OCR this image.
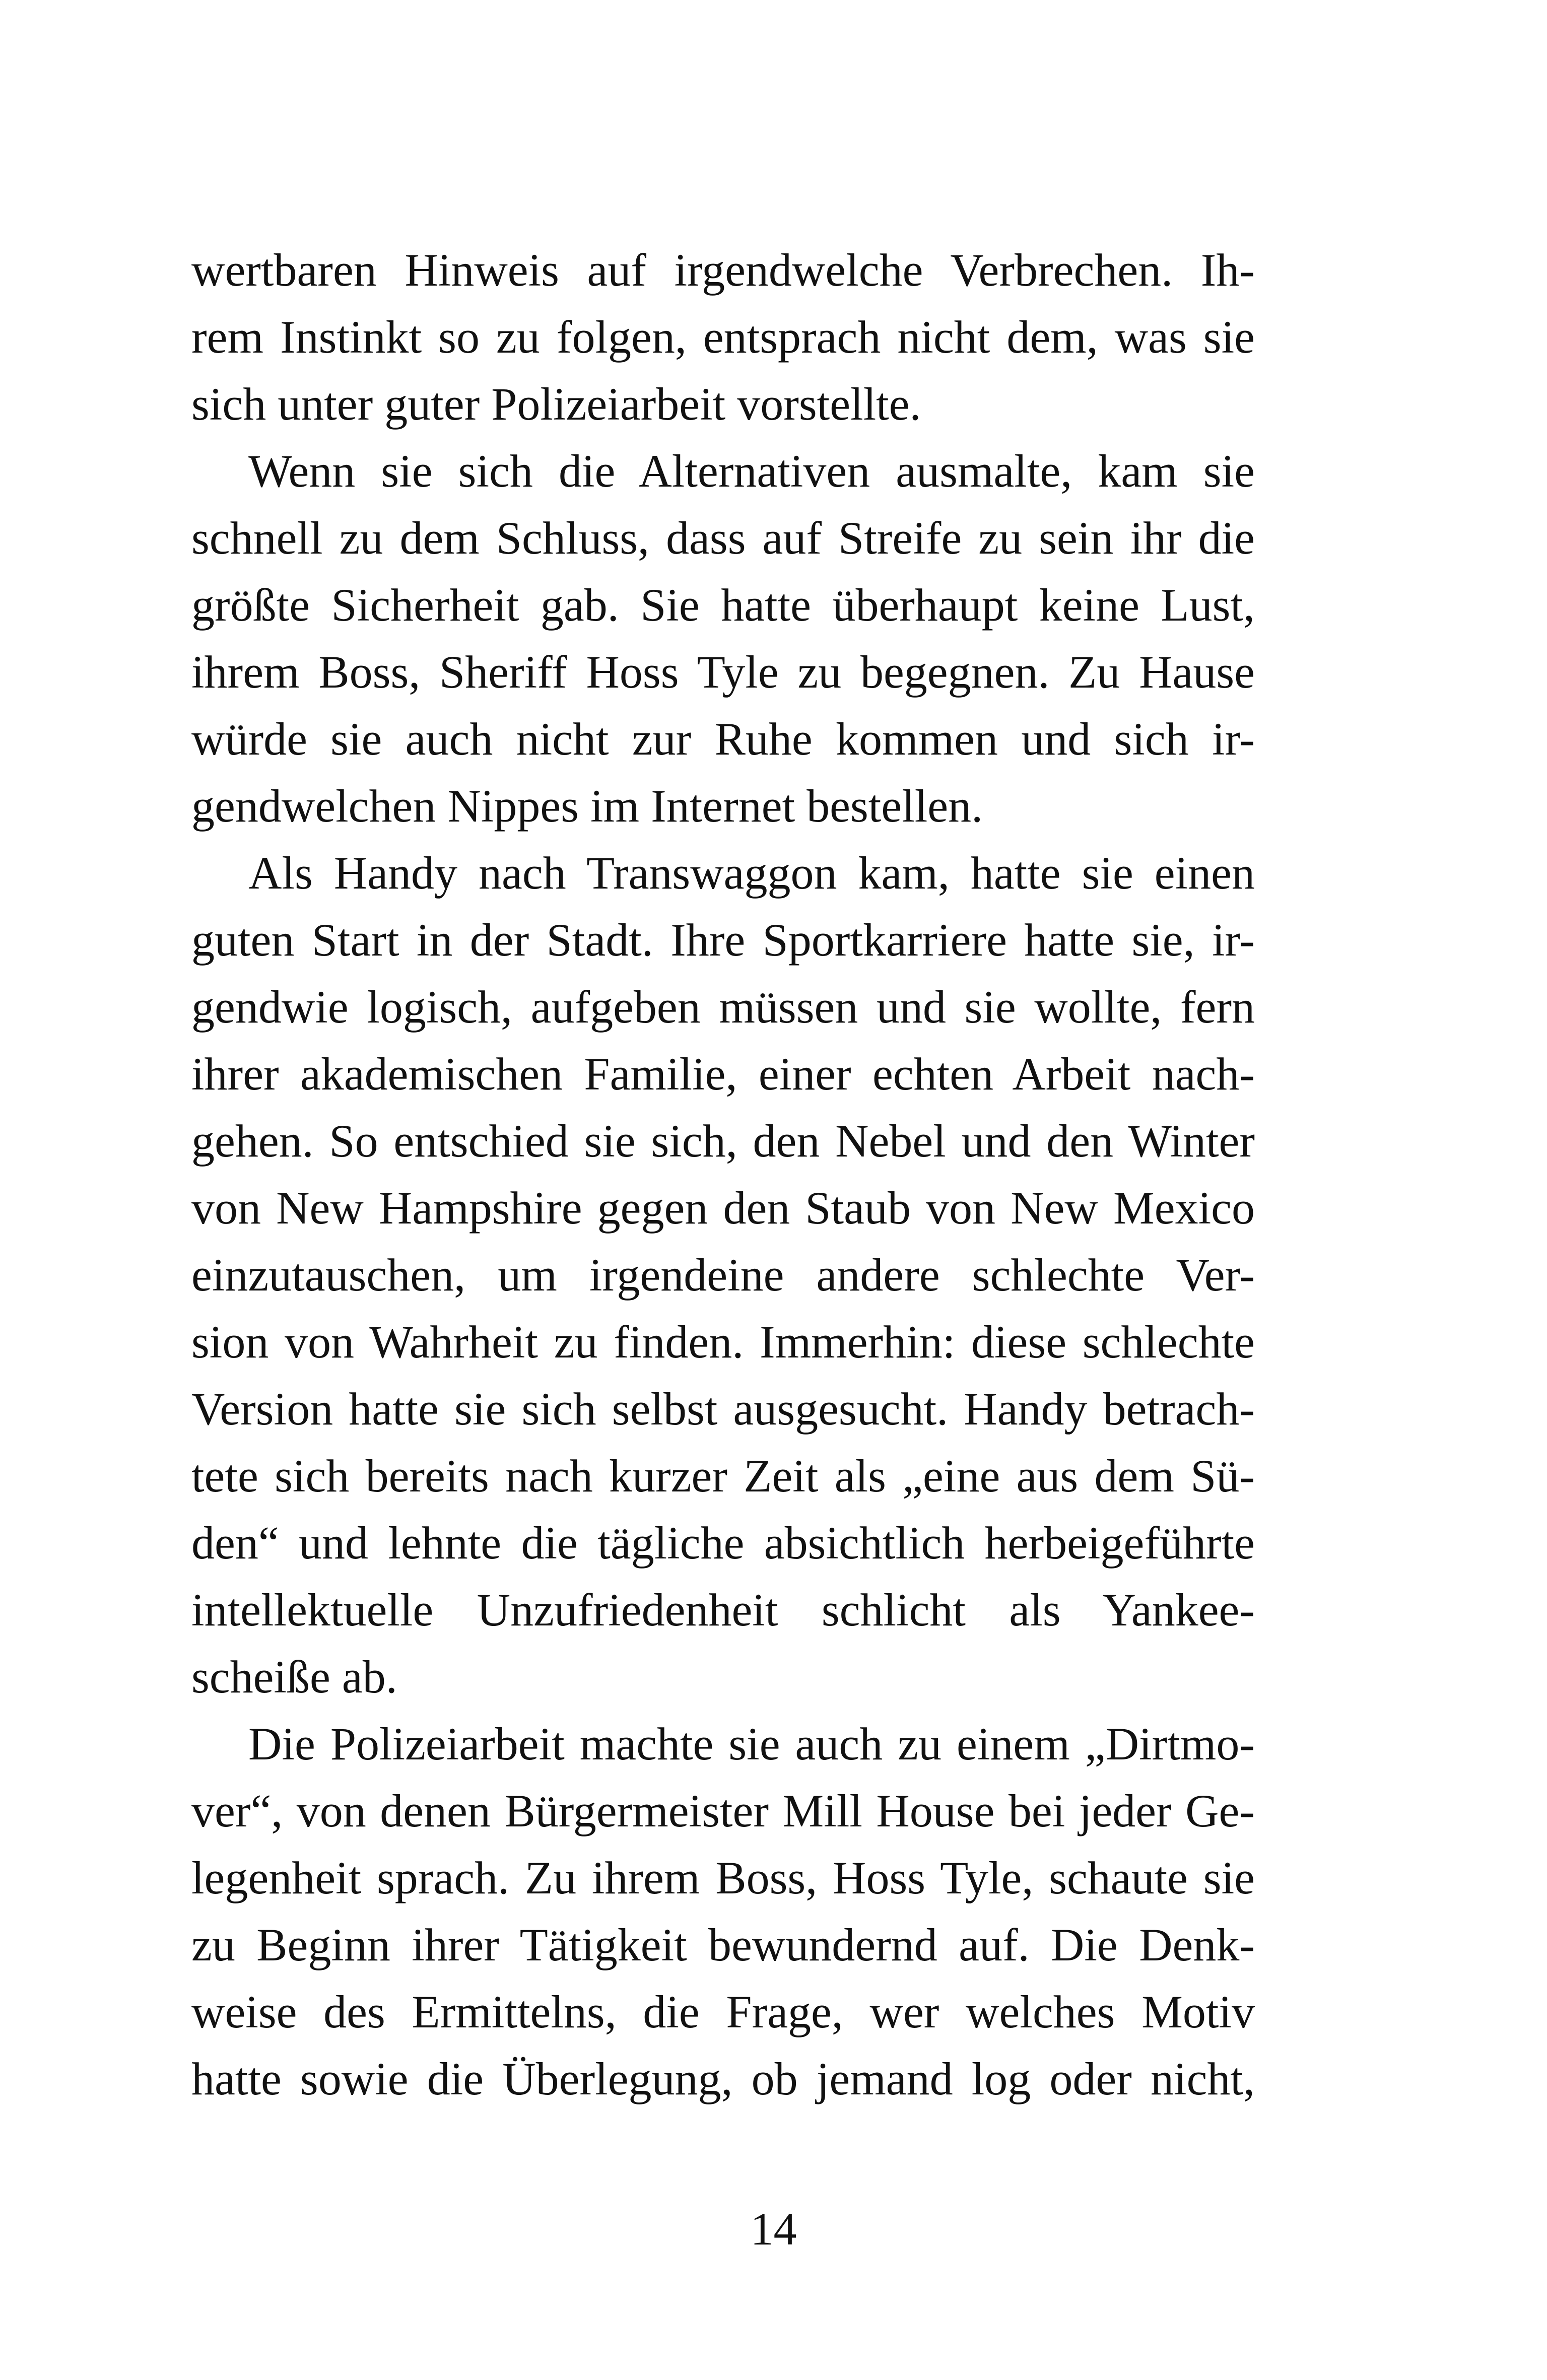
wertbaren Hinweis auf irgendwelche Verbrechen. Ih-
rem Instinkt so zu folgen, entsprach nicht dem, was sie
sich unter guter Polizeiarbeit vorstellte.
Wenn sie sich die Alternativen ausmalte, kam sie
schnell zu dem Schluss, dass auf Streife zu sein ihr die
größte Sicherheit gab. Sie hatte überhaupt keine Lust,
ihrem Boss, Sheriff Hoss Tyle zu begegnen. Zu Hause
würde sie auch nicht zur Ruhe kommen und sich ir-
gendwelchen Nippes im Internet bestellen.
Als Handy nach Transwaggon kam, hatte sie einen
guten Start in der Stadt. Ihre Sportkarriere hatte sie, ir-
gendwie logisch, aufgeben müssen und sie wollte, fern
ihrer akademischen Familie, einer echten Arbeit nach-
gehen. So entschied sie sich, den Nebel und den Winter
von New Hampshire gegen den Staub von New Mexico
einzutauschen, um irgendeine andere schlechte Ver-
sion von Wahrheit zu finden. Immerhin: diese schlechte
Version hatte sie sich selbst ausgesucht. Handy betrach-
tete sich bereits nach kurzer Zeit als „eine aus dem Sü-
den“ und lehnte die tägliche absichtlich herbeigeführte
intellektuelle Unzufriedenheit schlicht als Yankee-
scheiße ab.
Die Polizeiarbeit machte sie auch zu einem „Dirtmo-
ver“, von denen Bürgermeister Mill House bei jeder Ge-
legenheit sprach. Zu ihrem Boss, Hoss Tyle, schaute sie
zu Beginn ihrer Tätigkeit bewundernd auf. Die Denk-
weise des Ermittelns, die Frage, wer welches Motiv
hatte sowie die Überlegung, ob jemand log oder nicht,
14
